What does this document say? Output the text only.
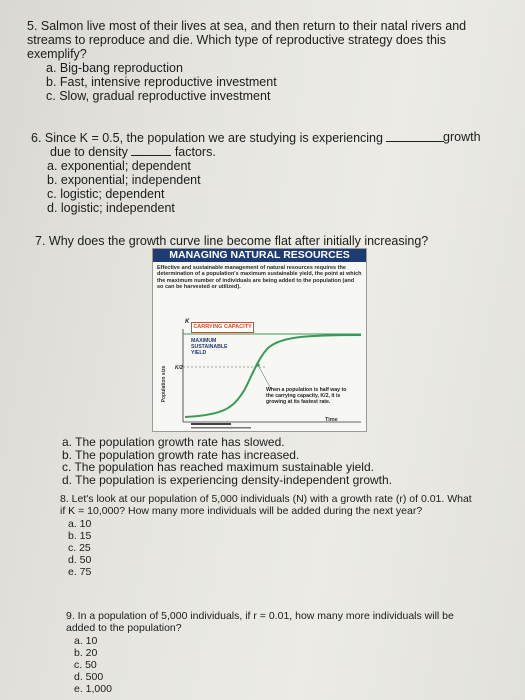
5. Salmon live most of their lives at sea, and then return to their natal rivers and streams to reproduce and die. Which type of reproductive strategy does this exemplify?
a. Big-bang reproduction
b. Fast, intensive reproductive investment
c. Slow, gradual reproductive investment
6. Since K = 0.5, the population we are studying is experiencing	growth
due to density	factors.
a. exponential; dependent
b. exponential; independent
c. logistic; dependent
d. logistic; independent
7. Why does the growth curve line become flat after initially increasing?
MANAGING NATURAL RESOURCES
Effective and sustainable management of natural resources requires the determination of a population's maximum sustainable yield, the point at which the maximum number of individuals are being added to the population (and so can be harvested or utilized).
CARRYING CAPACITY
K
K/2
MAXIMUM SUSTAINABLE YIELD
When a population is half way to the carrying capacity, K/2, it is growing at its fastest rate.
Population size
Time
a. The population growth rate has slowed.
b. The population growth rate has increased.
c. The population has reached maximum sustainable yield.
d. The population is experiencing density-independent growth.
8. Let's look at our population of 5,000 individuals (N) with a growth rate (r) of 0.01. What if K = 10,000? How many more individuals will be added during the next year?
a. 10
b. 15
c. 25
d. 50
e. 75
9. In a population of 5,000 individuals, if r = 0.01, how many more individuals will be added to the population?
a. 10
b. 20
c. 50
d. 500
e. 1,000
